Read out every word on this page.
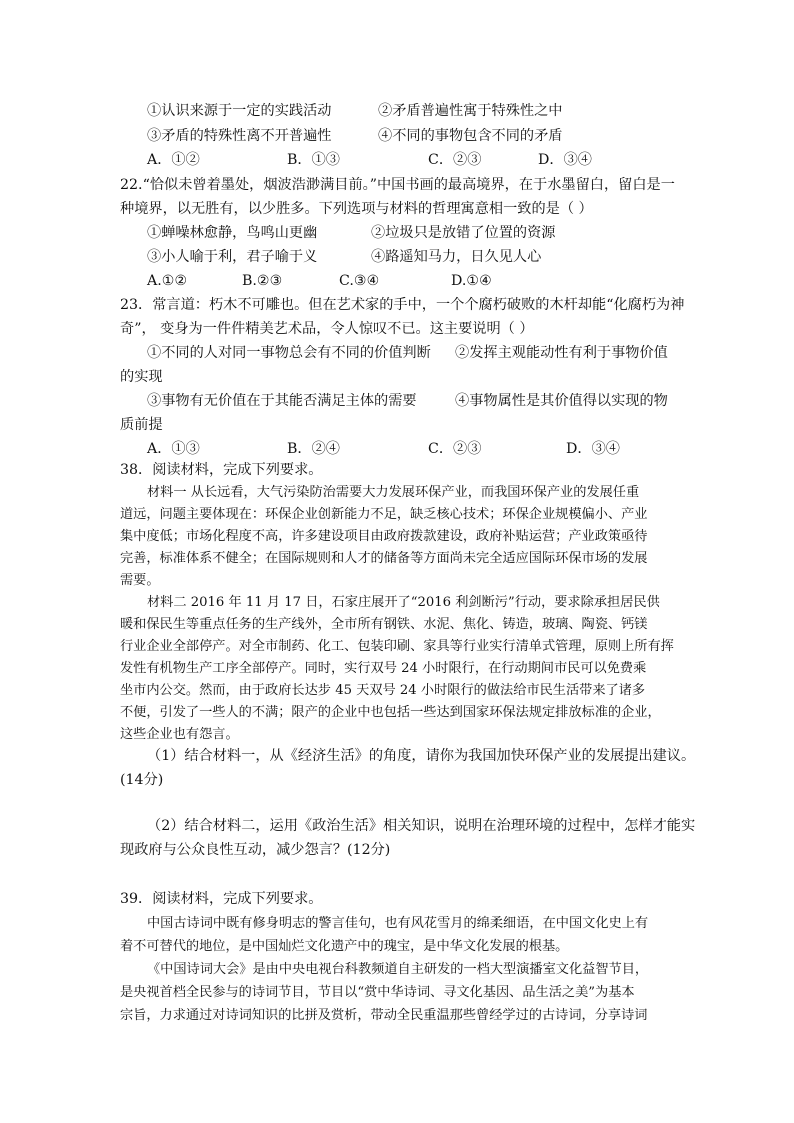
①认识来源于一定的实践活动	②矛盾普遍性寓于特殊性之中
③矛盾的特殊性离不开普遍性	④不同的事物包含不同的矛盾
A．①②	B．①③	C．②③	D．③④
22.“恰似未曾着墨处，烟波浩渺满目前。”中国书画的最高境界，在于水墨留白，留白是一
种境界，以无胜有，以少胜多。下列选项与材料的哲理寓意相一致的是（ ）
①蝉噪林愈静，鸟鸣山更幽	②垃圾只是放错了位置的资源
③小人喻于利，君子喻于义	④路遥知马力，日久见人心
A.①②	B.②③	C.③④	D.①④
23．常言道：朽木不可雕也。但在艺术家的手中，一个个腐朽破败的木杆却能“化腐朽为神
奇”， 变身为一件件精美艺术品，令人惊叹不已。这主要说明（ ）
①不同的人对同一事物总会有不同的价值判断 ②发挥主观能动性有利于事物价值
的实现
③事物有无价值在于其能否满足主体的需要	④事物属性是其价值得以实现的物
质前提
A．①③	B．②④	C．②③	D．③④
38．阅读材料，完成下列要求。
材料一 从长远看，大气污染防治需要大力发展环保产业，而我国环保产业的发展任重
道远，问题主要体现在：环保企业创新能力不足，缺乏核心技术；环保企业规模偏小、产业
集中度低；市场化程度不高，许多建设项目由政府拨款建设，政府补贴运营；产业政策亟待
完善，标准体系不健全；在国际规则和人才的储备等方面尚未完全适应国际环保市场的发展
需要。
材料二 2016 年 11 月 17 日，石家庄展开了“2016 利剑断污”行动，要求除承担居民供
暖和保民生等重点任务的生产线外，全市所有钢铁、水泥、焦化、铸造，玻璃、陶瓷、钙镁
行业企业全部停产。对全市制药、化工、包装印刷、家具等行业实行清单式管理，原则上所有挥
发性有机物生产工序全部停产。同时，实行双号 24 小时限行，在行动期间市民可以免费乘
坐市内公交。然而，由于政府长达步 45 天双号 24 小时限行的做法给市民生活带来了诸多
不便，引发了一些人的不满；限产的企业中也包括一些达到国家环保法规定排放标准的企业，
这些企业也有怨言。
（1）结合材料一，从《经济生活》的角度，请你为我国加快环保产业的发展提出建议。
(14分)
（2）结合材料二，运用《政治生活》相关知识，说明在治理环境的过程中，怎样才能实
现政府与公众良性互动，减少怨言？(12分)
39．阅读材料，完成下列要求。
中国古诗词中既有修身明志的警言佳句，也有风花雪月的绵柔细语，在中国文化史上有
着不可替代的地位，是中国灿烂文化遗产中的瑰宝，是中华文化发展的根基。
《中国诗词大会》是由中央电视台科教频道自主研发的一档大型演播室文化益智节目，
是央视首档全民参与的诗词节目，节目以“赏中华诗词、寻文化基因、品生活之美”为基本
宗旨，力求通过对诗词知识的比拼及赏析，带动全民重温那些曾经学过的古诗词，分享诗词
